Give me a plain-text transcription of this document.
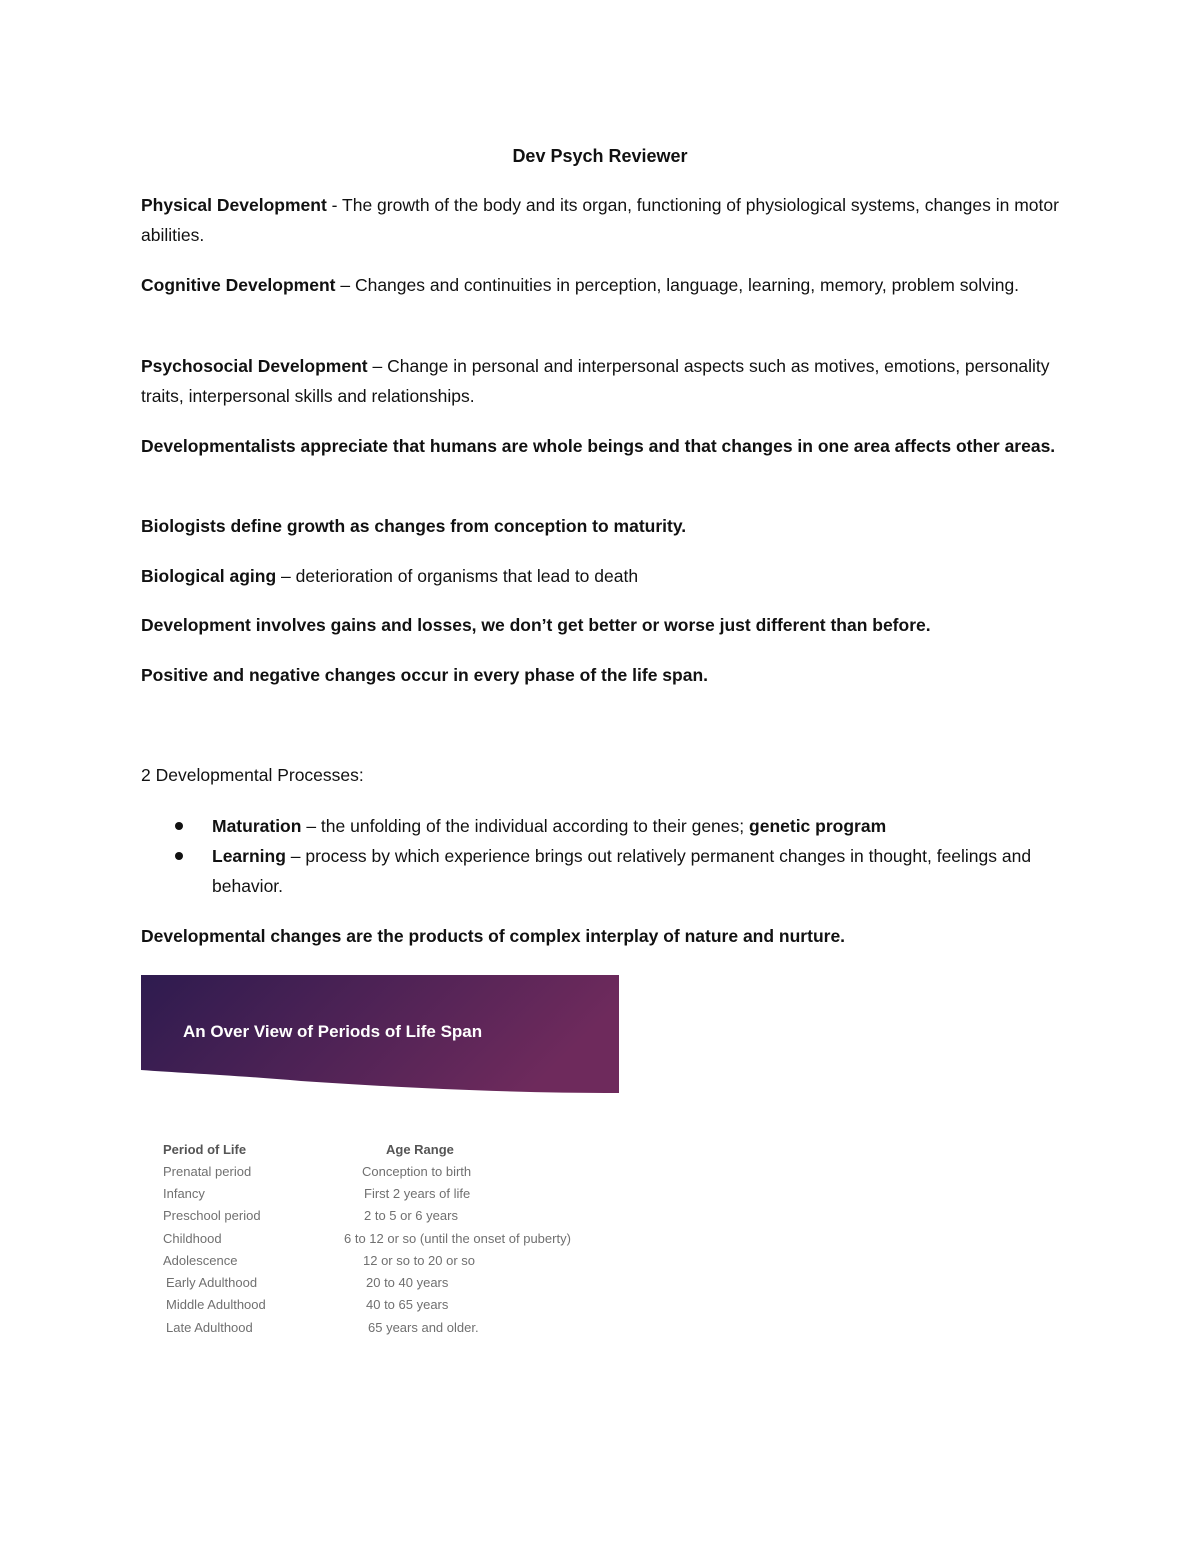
Dev Psych Reviewer
Physical Development - The growth of the body and its organ, functioning of physiological systems, changes in motor abilities.
Cognitive Development – Changes and continuities in perception, language, learning, memory, problem solving.
Psychosocial Development – Change in personal and interpersonal aspects such as motives, emotions, personality traits, interpersonal skills and relationships.
Developmentalists appreciate that humans are whole beings and that changes in one area affects other areas.
Biologists define growth as changes from conception to maturity.
Biological aging – deterioration of organisms that lead to death
Development involves gains and losses, we don’t get better or worse just different than before.
Positive and negative changes occur in every phase of the life span.
2 Developmental Processes:
Maturation – the unfolding of the individual according to their genes; genetic program
Learning – process by which experience brings out relatively permanent changes in thought, feelings and behavior.
Developmental changes are the products of complex interplay of nature and nurture.
An Over View of Periods of Life Span
Period of Life	Age Range
Prenatal period	Conception to birth
Infancy	First 2 years of life
Preschool period	2 to 5 or 6 years
Childhood	6 to 12 or so (until the onset of puberty)
Adolescence	12 or so to 20 or so
Early Adulthood	20 to 40 years
Middle Adulthood	40 to 65 years
Late Adulthood	65 years and older.
